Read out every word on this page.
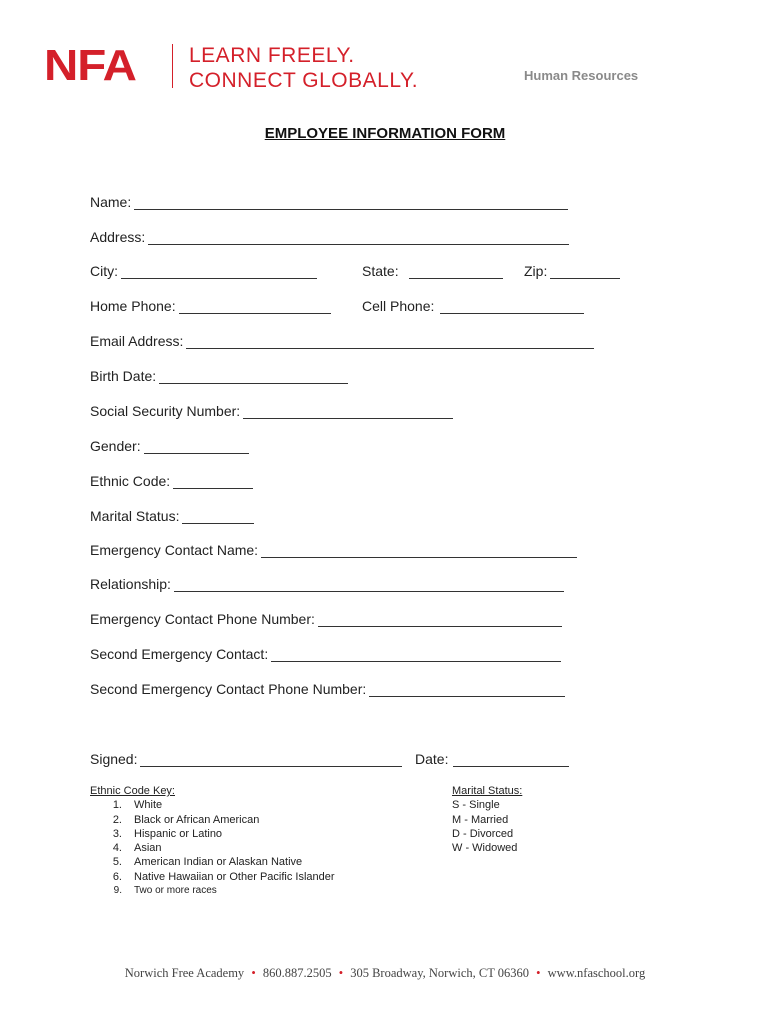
NFA	LEARN FREELY.
CONNECT GLOBALLY.	Human Resources
EMPLOYEE INFORMATION FORM
Name:
Address:
City:	State:	Zip:
Home Phone:	Cell Phone:
Email Address:
Birth Date:
Social Security Number:
Gender:
Ethnic Code:
Marital Status:
Emergency Contact Name:
Relationship:
Emergency Contact Phone Number:
Second Emergency Contact:
Second Emergency Contact Phone Number:
Signed:	Date:
Ethnic Code Key:
1.	White
2.	Black or African American
3.	Hispanic or Latino
4.	Asian
5.	American Indian or Alaskan Native
6.	Native Hawaiian or Other Pacific Islander
9.	Two or more races
Marital Status:
S - Single
M - Married
D - Divorced
W - Widowed
Norwich Free Academy • 860.887.2505 • 305 Broadway, Norwich, CT 06360 • www.nfaschool.org
